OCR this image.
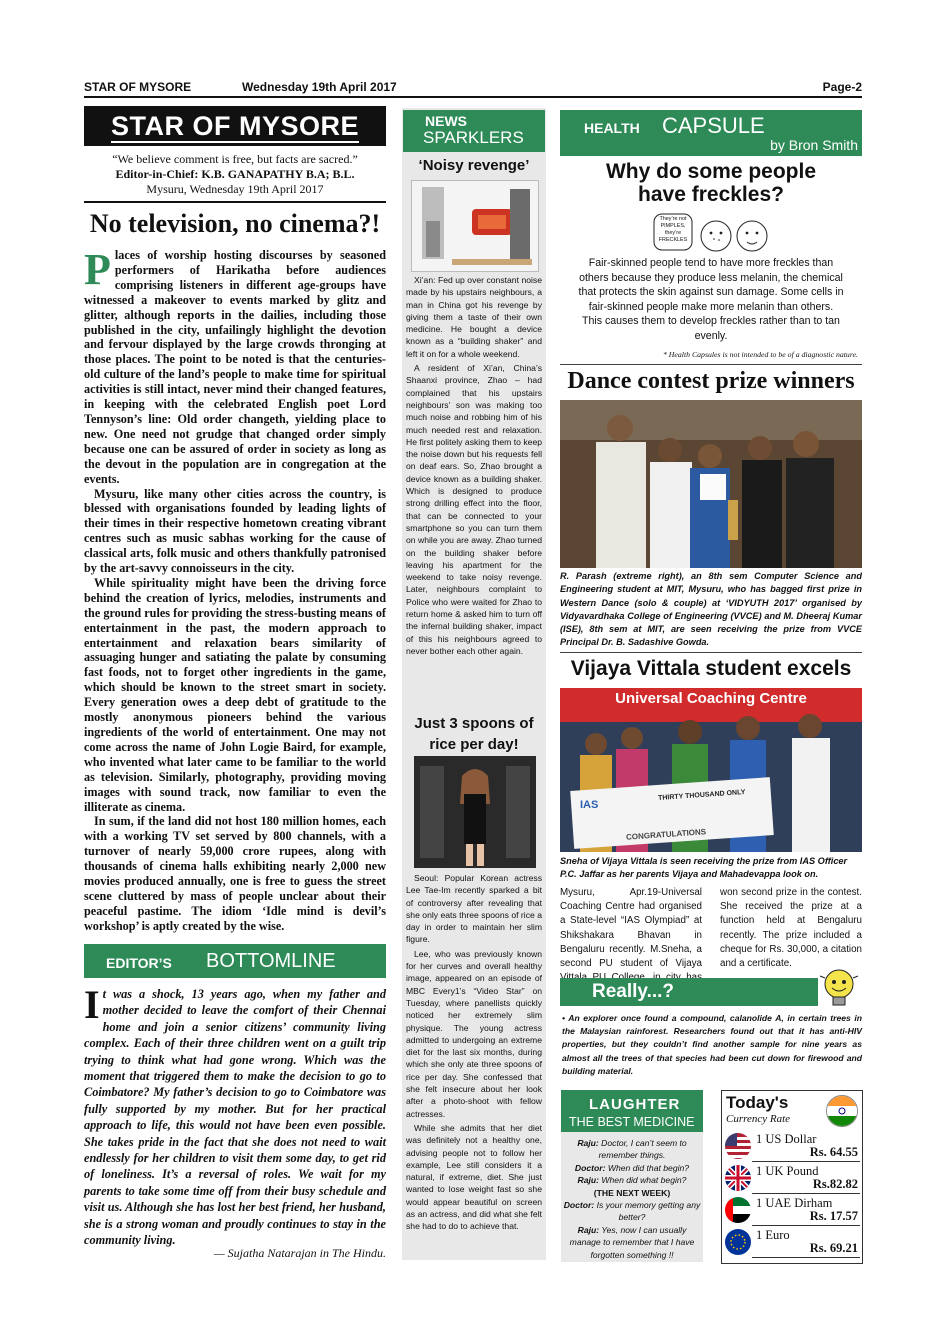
STAR OF MYSORE	Wednesday 19th April 2017	Page-2
STAR OF MYSORE
“We believe comment is free, but facts are sacred.”
Editor-in-Chief: K.B. GANAPATHY B.A; B.L.
Mysuru, Wednesday 19th April 2017
No television, no cinema?!

Places of worship hosting discourses by seasoned performers of Harikatha before audiences comprising listeners in different age-groups have witnessed a makeover to events marked by glitz and glitter, although reports in the dailies, including those published in the city, unfailingly highlight the devotion and fervour displayed by the large crowds thronging at those places. The point to be noted is that the centuries-old culture of the land’s people to make time for spiritual activities is still intact, never mind their changed features, in keeping with the celebrated English poet Lord Tennyson’s line: Old order changeth, yielding place to new. One need not grudge that changed order simply because one can be assured of order in society as long as the devout in the population are in congregation at the events.

Mysuru, like many other cities across the country, is blessed with organisations founded by leading lights of their times in their respective hometown creating vibrant centres such as music sabhas working for the cause of classical arts, folk music and others thankfully patronised by the art-savvy connoisseurs in the city.

While spirituality might have been the driving force behind the creation of lyrics, melodies, instruments and the ground rules for providing the stress-busting means of entertainment in the past, the modern approach to entertainment and relaxation bears similarity of assuaging hunger and satiating the palate by consuming fast foods, not to forget other ingredients in the game, which should be known to the street smart in society. Every generation owes a deep debt of gratitude to the mostly anonymous pioneers behind the various ingredients of the world of entertainment. One may not come across the name of John Logie Baird, for example, who invented what later came to be familiar to the world as television. Similarly, photography, providing moving images with sound track, now familiar to even the illiterate as cinema.

In sum, if the land did not host 180 million homes, each with a working TV set served by 800 channels, with a turnover of nearly 59,000 crore rupees, along with thousands of cinema halls exhibiting nearly 2,000 new movies produced annually, one is free to guess the street scene cluttered by mass of people unclear about their peaceful pastime. The idiom ‘Idle mind is devil’s workshop’ is aptly created by the wise.

EDITOR’S BOTTOMLINE
It was a shock, 13 years ago, when my father and mother decided to leave the comfort of their Chennai home and join a senior citizens’ community living complex. Each of their three children went on a guilt trip trying to think what had gone wrong. Which was the moment that triggered them to make the decision to go to Coimbatore? My father’s decision to go to Coimbatore was fully supported by my mother. But for her practical approach to life, this would not have been even possible. She takes pride in the fact that she does not need to wait endlessly for her children to visit them some day, to get rid of loneliness. It’s a reversal of roles. We wait for my parents to take some time off from their busy schedule and visit us. Although she has lost her best friend, her husband, she is a strong woman and proudly continues to stay in the community living.
— Sujatha Natarajan in The Hindu.
NEWS
SPARKLERS
‘Noisy revenge’

Xi’an: Fed up over constant noise made by his upstairs neighbours, a man in China got his revenge by giving them a taste of their own medicine. He bought a device known as a “building shaker” and left it on for a whole weekend.

A resident of Xi’an, China’s Shaanxi province, Zhao – had complained that his upstairs neighbours’ son was making too much noise and robbing him of his much needed rest and relaxation. He first politely asking them to keep the noise down but his requests fell on deaf ears. So, Zhao brought a device known as a building shaker. Which is designed to produce strong drilling effect into the floor, that can be connected to your smartphone so you can turn them on while you are away. Zhao turned on the building shaker before leaving his apartment for the weekend to take noisy revenge. Later, neighbours complaint to Police who were waited for Zhao to return home & asked him to turn off the infernal building shaker, impact of this his neighbours agreed to never bother each other again.

Just 3 spoons of rice per day!

Seoul: Popular Korean actress Lee Tae-Im recently sparked a bit of controversy after revealing that she only eats three spoons of rice a day in order to maintain her slim figure.

Lee, who was previously known for her curves and overall healthy image, appeared on an episode of MBC Every1’s “Video Star” on Tuesday, where panellists quickly noticed her extremely slim physique. The young actress admitted to undergoing an extreme diet for the last six months, during which she only ate three spoons of rice per day. She confessed that she felt insecure about her look after a photo-shoot with fellow actresses.

While she admits that her diet was definitely not a healthy one, advising people not to follow her example, Lee still considers it a natural, if extreme, diet. She just wanted to lose weight fast so she would appear beautiful on screen as an actress, and did what she felt she had to do to achieve that.

HEALTH CAPSULE
by Bron Smith
Why do some people
have freckles?
They’re not PIMPLES, they’re FRECKLES
Fair-skinned people tend to have more freckles than others because they produce less melanin, the chemical that protects the skin against sun damage. Some cells in fair-skinned people make more melanin than others. This causes them to develop freckles rather than to tan evenly.
* Health Capsules is not intended to be of a diagnostic nature.
Dance contest prize winners
R. Parash (extreme right), an 8th sem Computer Science and Engineering student at MIT, Mysuru, who has bagged first prize in Western Dance (solo & couple) at ‘VIDYUTH 2017’ organised by Vidyavardhaka College of Engineering (VVCE) and M. Dheeraj Kumar (ISE), 8th sem at MIT, are seen receiving the prize from VVCE Principal Dr. B. Sadashive Gowda.
Vijaya Vittala student excels
IAS
Universal Coaching Centre
THIRTY THOUSAND ONLY
CONGRATULATIONS
Sneha of Vijaya Vittala is seen receiving the prize from IAS Officer P.C. Jaffar as her parents Vijaya and Mahadevappa look on.
Mysuru, Apr.19-Universal Coaching Centre had organised a State-level “IAS Olympiad” at Shikshakara Bhavan in Bengaluru recently. M.Sneha, a second PU student of Vijaya won second prize in the contest. She received the prize at a function held at Bengaluru recently. The prize included a cheque for Rs. 30,000, a citation and a certificate.
Really...?
• An explorer once found a compound, calanolide A, in certain trees in the Malaysian rainforest. Researchers found out that it has anti-HIV properties, but they couldn’t find another sample for nine years as almost all the trees of that species had been cut down for firewood and building material.
LAUGHTER
THE BEST MEDICINE
Raju: Doctor, I can’t seem to remember things.
Doctor: When did that begin?
Raju: When did what begin?
(THE NEXT WEEK)
Doctor: Is your memory getting any better?
Raju: Yes, now I can usually manage to remember that I have forgotten something !!
Today's
Currency Rate
1 US Dollar
Rs. 64.55
1 UK Pound
Rs.82.82
1 UAE Dirham
Rs. 17.57
1 Euro
Rs. 69.21
